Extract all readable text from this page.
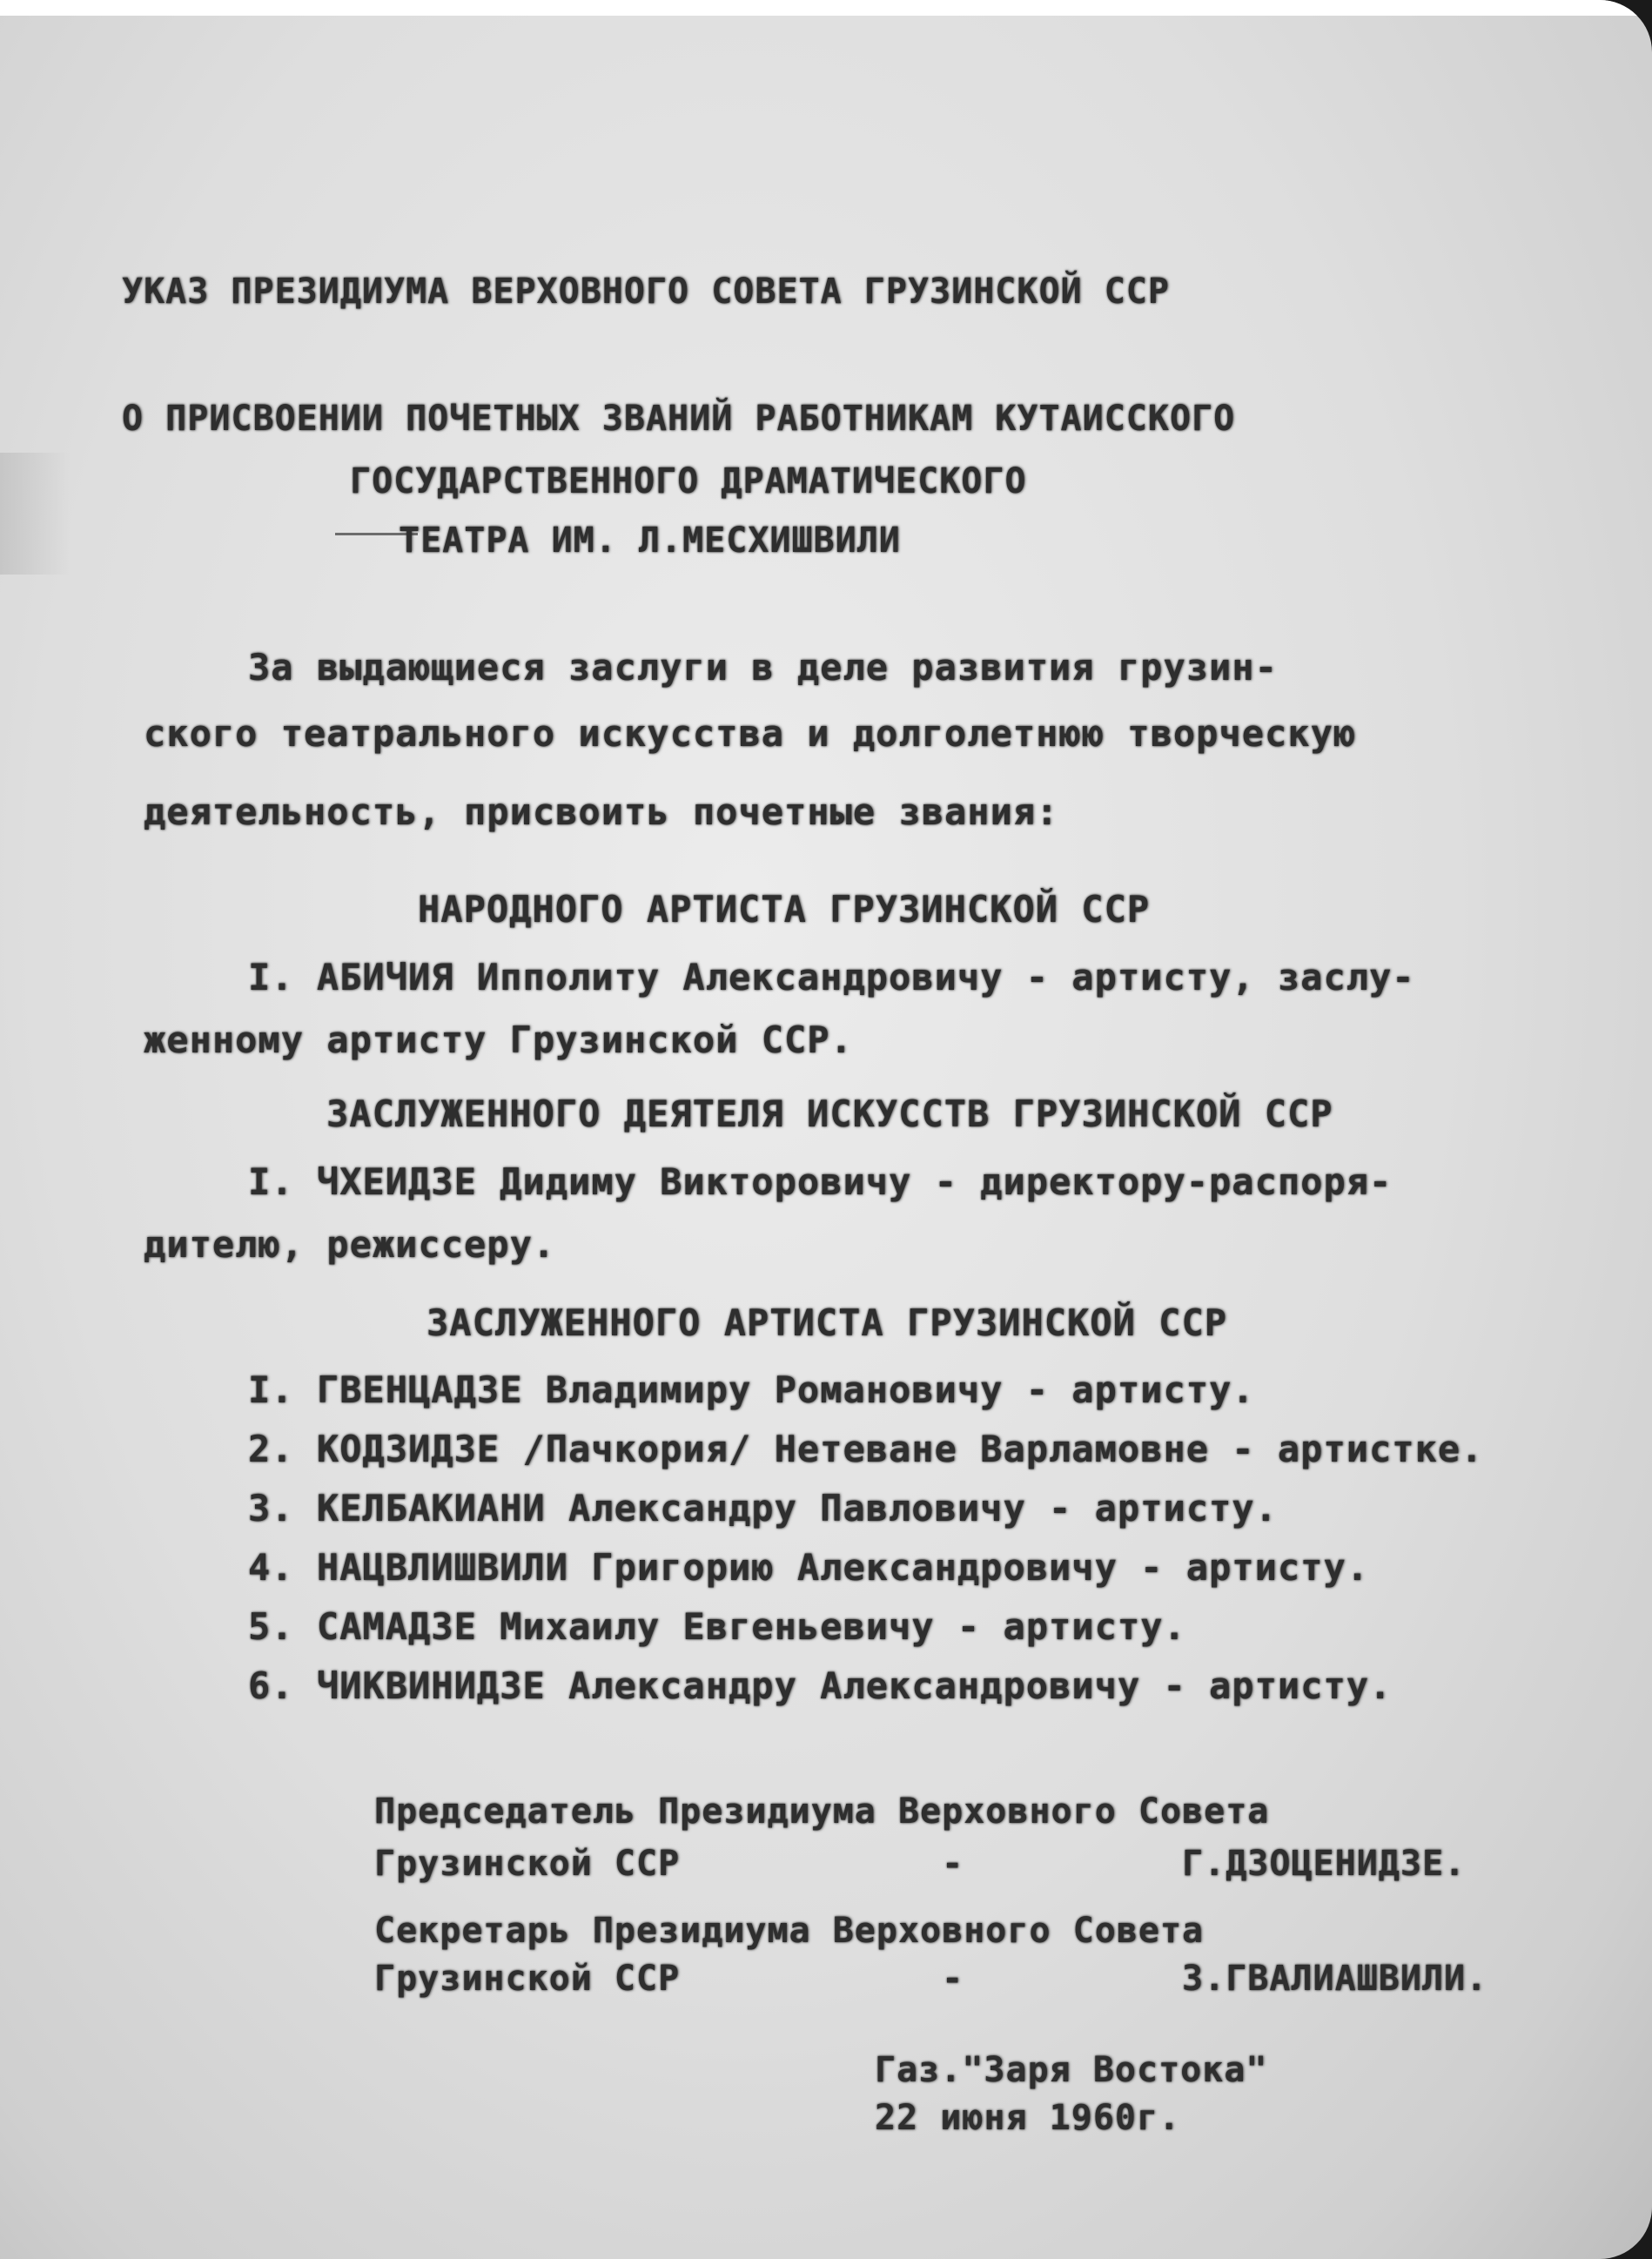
УКАЗ ПРЕЗИДИУМА ВЕРХОВНОГО СОВЕТА ГРУЗИНСКОЙ ССР
О ПРИСВОЕНИИ ПОЧЕТНЫХ ЗВАНИЙ РАБОТНИКАМ КУТАИССКОГО
ГОСУДАРСТВЕННОГО ДРАМАТИЧЕСКОГО
ТЕАТРА ИМ. Л.МЕСХИШВИЛИ
За выдающиеся заслуги в деле развития грузин-
ского театрального искусства и долголетнюю творческую
деятельность, присвоить почетные звания:
НАРОДНОГО АРТИСТА ГРУЗИНСКОЙ ССР
I. АБИЧИЯ Ипполиту Александровичу - артисту, заслу-
женному артисту Грузинской ССР.
ЗАСЛУЖЕННОГО ДЕЯТЕЛЯ ИСКУССТВ ГРУЗИНСКОЙ ССР
I. ЧХЕИДЗЕ Дидиму Викторовичу - директору-распоря-
дителю, режиссеру.
ЗАСЛУЖЕННОГО АРТИСТА ГРУЗИНСКОЙ ССР
I. ГВЕНЦАДЗЕ Владимиру Романовичу - артисту.
2. КОДЗИДЗЕ /Пачкория/ Нетеване Варламовне - артистке.
3. КЕЛБАКИАНИ Александру Павловичу - артисту.
4. НАЦВЛИШВИЛИ Григорию Александровичу - артисту.
5. САМАДЗЕ Михаилу Евгеньевичу - артисту.
6. ЧИКВИНИДЗЕ Александру Александровичу - артисту.
Председатель Президиума Верховного Совета
Грузинской ССР            -          Г.ДЗОЦЕНИДЗЕ.
Секретарь Президиума Верховного Совета
Грузинской ССР            -          З.ГВАЛИАШВИЛИ.
Газ."Заря Востока"
22 июня 1960г.
